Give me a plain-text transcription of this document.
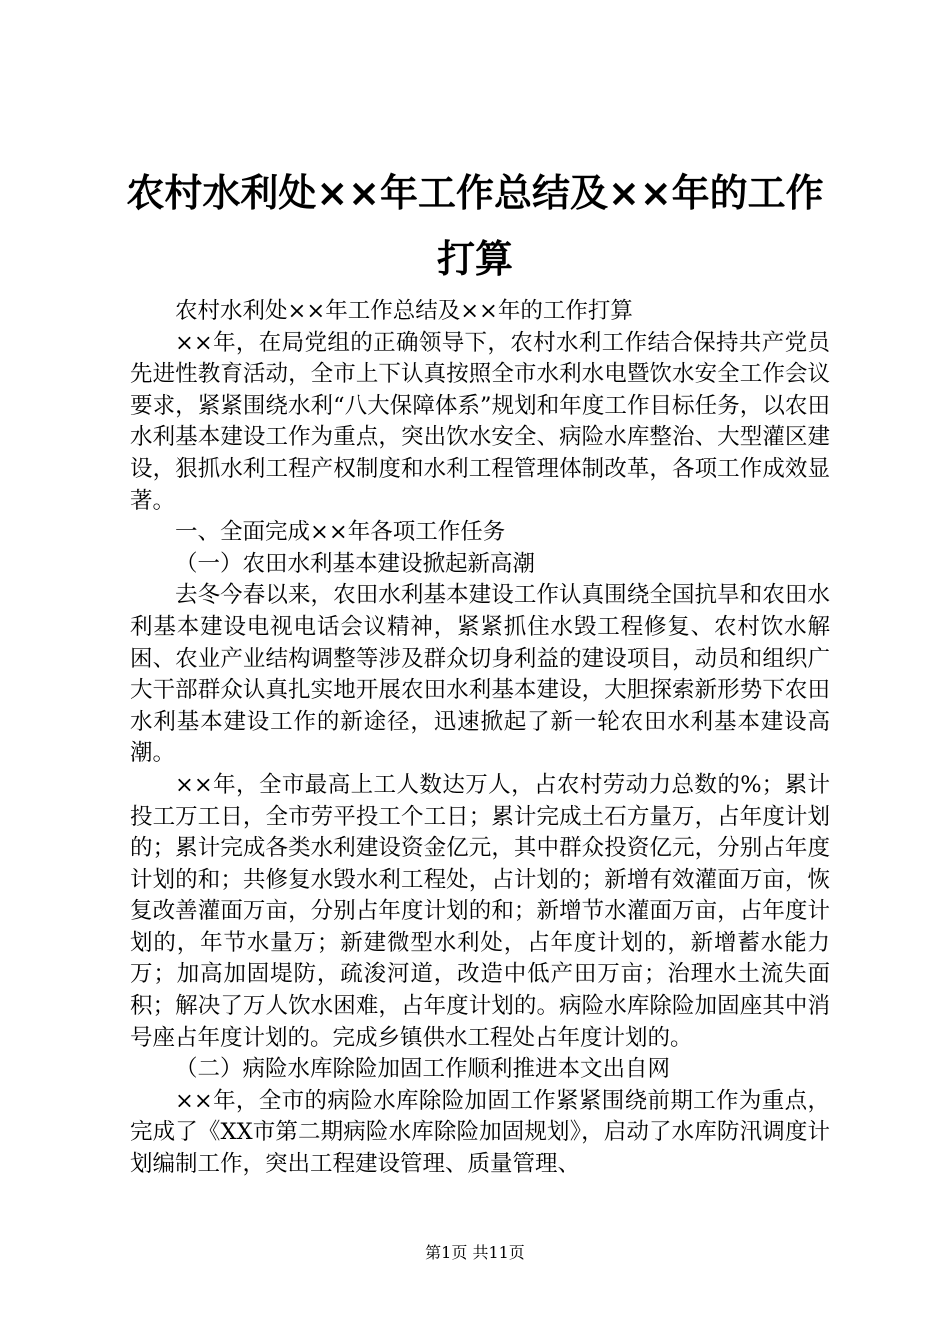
农村水利处××年工作总结及××年的工作打算

农村水利处××年工作总结及××年的工作打算

××年，在局党组的正确领导下，农村水利工作结合保持共产党员先进性教育活动，全市上下认真按照全市水利水电暨饮水安全工作会议要求，紧紧围绕水利“八大保障体系”规划和年度工作目标任务，以农田水利基本建设工作为重点，突出饮水安全、病险水库整治、大型灌区建设，狠抓水利工程产权制度和水利工程管理体制改革，各项工作成效显著。

一、全面完成××年各项工作任务

（一）农田水利基本建设掀起新高潮

去冬今春以来，农田水利基本建设工作认真围绕全国抗旱和农田水利基本建设电视电话会议精神，紧紧抓住水毁工程修复、农村饮水解困、农业产业结构调整等涉及群众切身利益的建设项目，动员和组织广大干部群众认真扎实地开展农田水利基本建设，大胆探索新形势下农田水利基本建设工作的新途径，迅速掀起了新一轮农田水利基本建设高潮。

××年，全市最高上工人数达万人，占农村劳动力总数的%；累计投工万工日，全市劳平投工个工日；累计完成土石方量万，占年度计划的；累计完成各类水利建设资金亿元，其中群众投资亿元，分别占年度计划的和；共修复水毁水利工程处，占计划的；新增有效灌面万亩，恢复改善灌面万亩，分别占年度计划的和；新增节水灌面万亩，占年度计划的，年节水量万；新建微型水利处，占年度计划的，新增蓄水能力万；加高加固堤防，疏浚河道，改造中低产田万亩；治理水土流失面积；解决了万人饮水困难，占年度计划的。病险水库除险加固座其中消号座占年度计划的。完成乡镇供水工程处占年度计划的。

（二）病险水库除险加固工作顺利推进本文出自网

××年，全市的病险水库除险加固工作紧紧围绕前期工作为重点，完成了《XX市第二期病险水库除险加固规划》，启动了水库防汛调度计划编制工作，突出工程建设管理、质量管理、

第1页 共11页
